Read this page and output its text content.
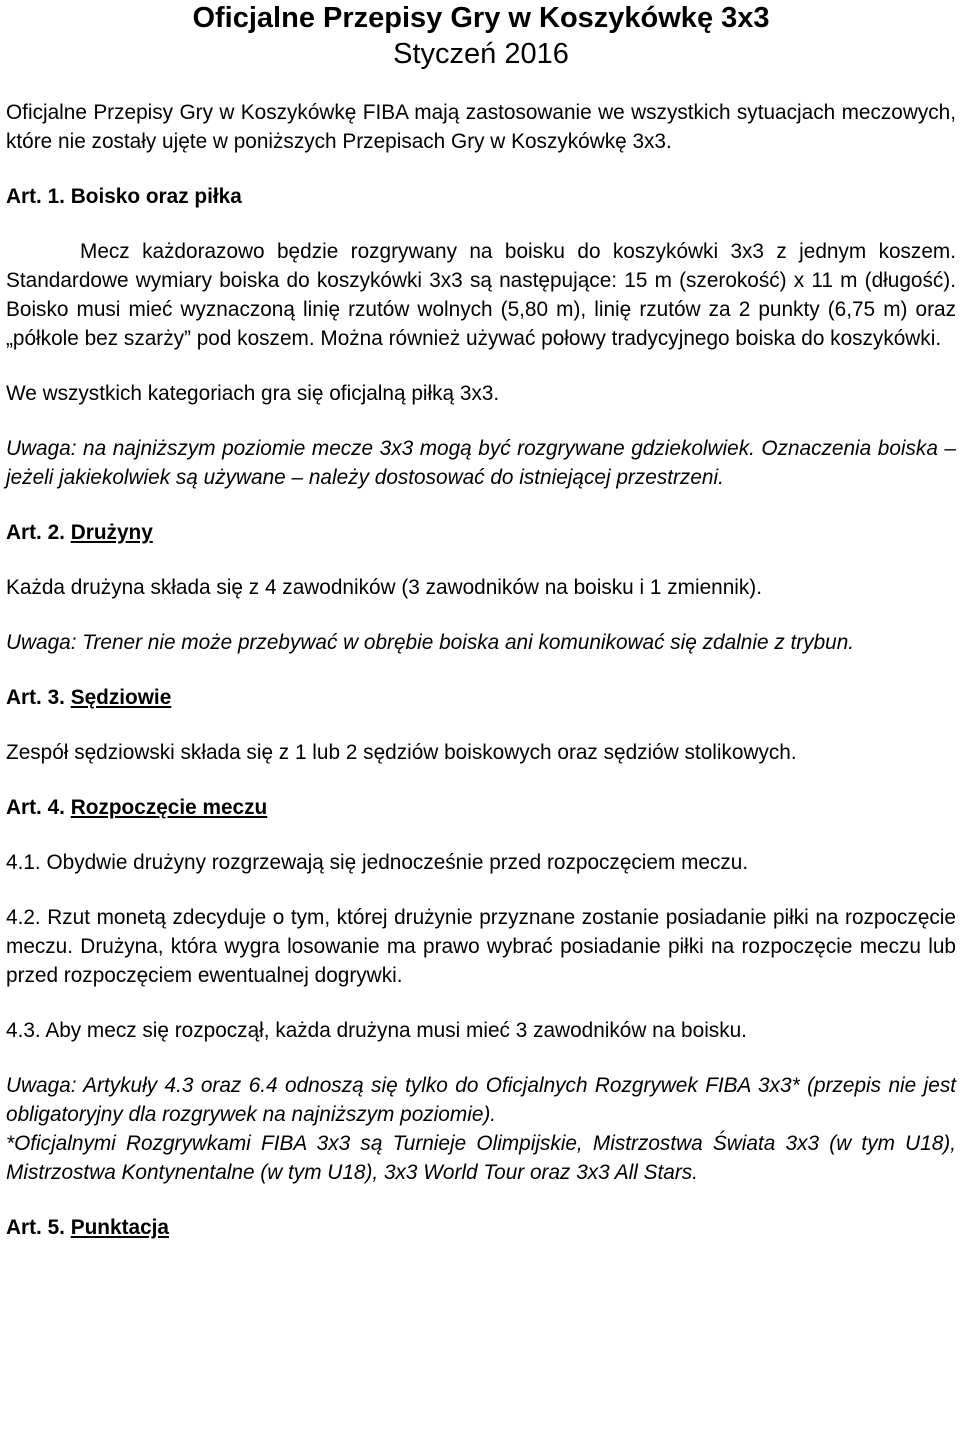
Oficjalne Przepisy Gry w Koszykówkę 3x3
Styczeń 2016

Oficjalne Przepisy Gry w Koszykówkę FIBA mają zastosowanie we wszystkich sytuacjach meczowych, które nie zostały ujęte w poniższych Przepisach Gry w Koszykówkę 3x3.

Art. 1. Boisko oraz piłka

Mecz każdorazowo będzie rozgrywany na boisku do koszykówki 3x3 z jednym koszem. Standardowe wymiary boiska do koszykówki 3x3 są następujące: 15 m (szerokość) x 11 m (długość). Boisko musi mieć wyznaczoną linię rzutów wolnych (5,80 m), linię rzutów za 2 punkty (6,75 m) oraz „półkole bez szarży” pod koszem. Można również używać połowy tradycyjnego boiska do koszykówki.

We wszystkich kategoriach gra się oficjalną piłką 3x3.

Uwaga: na najniższym poziomie mecze 3x3 mogą być rozgrywane gdziekolwiek. Oznaczenia boiska – jeżeli jakiekolwiek są używane – należy dostosować do istniejącej przestrzeni.

Art. 2. Drużyny

Każda drużyna składa się z 4 zawodników (3 zawodników na boisku i 1 zmiennik).

Uwaga: Trener nie może przebywać w obrębie boiska ani komunikować się zdalnie z trybun.

Art. 3. Sędziowie

Zespół sędziowski składa się z 1 lub 2 sędziów boiskowych oraz sędziów stolikowych.

Art. 4. Rozpoczęcie meczu

4.1. Obydwie drużyny rozgrzewają się jednocześnie przed rozpoczęciem meczu.

4.2. Rzut monetą zdecyduje o tym, której drużynie przyznane zostanie posiadanie piłki na rozpoczęcie meczu. Drużyna, która wygra losowanie ma prawo wybrać posiadanie piłki na rozpoczęcie meczu lub przed rozpoczęciem ewentualnej dogrywki.

4.3. Aby mecz się rozpoczął, każda drużyna musi mieć 3 zawodników na boisku.

Uwaga: Artykuły 4.3 oraz 6.4 odnoszą się tylko do Oficjalnych Rozgrywek FIBA 3x3* (przepis nie jest obligatoryjny dla rozgrywek na najniższym poziomie).

*Oficjalnymi Rozgrywkami FIBA 3x3 są Turnieje Olimpijskie, Mistrzostwa Świata 3x3 (w tym U18), Mistrzostwa Kontynentalne (w tym U18), 3x3 World Tour oraz 3x3 All Stars.

Art. 5. Punktacja
